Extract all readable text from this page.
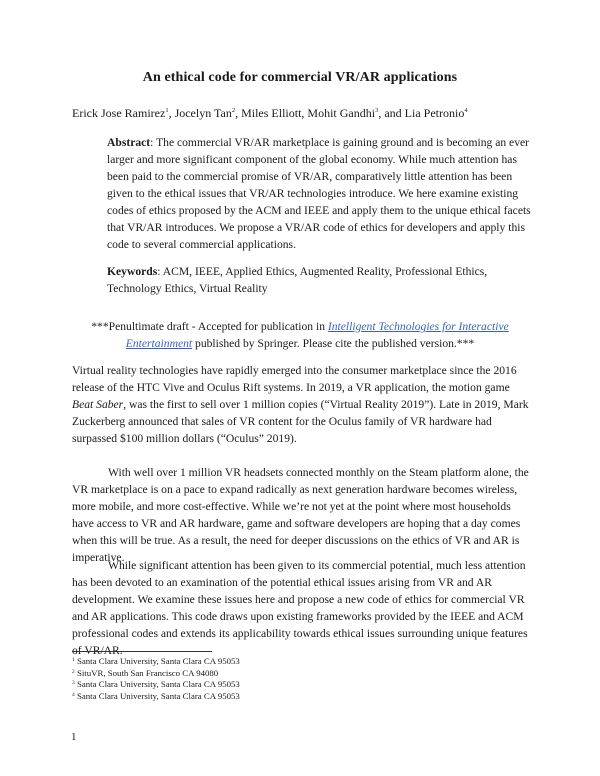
An ethical code for commercial VR/AR applications
Erick Jose Ramirez$^1$, Jocelyn Tan$^2$, Miles Elliott, Mohit Gandhi$^3$, and Lia Petronio$^4$
Abstract: The commercial VR/AR marketplace is gaining ground and is becoming an ever larger and more significant component of the global economy. While much attention has been paid to the commercial promise of VR/AR, comparatively little attention has been given to the ethical issues that VR/AR technologies introduce. We here examine existing codes of ethics proposed by the ACM and IEEE and apply them to the unique ethical facets that VR/AR introduces. We propose a VR/AR code of ethics for developers and apply this code to several commercial applications.
Keywords: ACM, IEEE, Applied Ethics, Augmented Reality, Professional Ethics, Technology Ethics, Virtual Reality
***Penultimate draft - Accepted for publication in Intelligent Technologies for Interactive Entertainment published by Springer. Please cite the published version.***
Virtual reality technologies have rapidly emerged into the consumer marketplace since the 2016 release of the HTC Vive and Oculus Rift systems. In 2019, a VR application, the motion game Beat Saber, was the first to sell over 1 million copies (“Virtual Reality 2019”). Late in 2019, Mark Zuckerberg announced that sales of VR content for the Oculus family of VR hardware had surpassed $100 million dollars (“Oculus” 2019).
With well over 1 million VR headsets connected monthly on the Steam platform alone, the VR marketplace is on a pace to expand radically as next generation hardware becomes wireless, more mobile, and more cost-effective. While we’re not yet at the point where most households have access to VR and AR hardware, game and software developers are hoping that a day comes when this will be true. As a result, the need for deeper discussions on the ethics of VR and AR is imperative.
While significant attention has been given to its commercial potential, much less attention has been devoted to an examination of the potential ethical issues arising from VR and AR development. We examine these issues here and propose a new code of ethics for commercial VR and AR applications. This code draws upon existing frameworks provided by the IEEE and ACM professional codes and extends its applicability towards ethical issues surrounding unique features of VR/AR.
$^1$ Santa Clara University, Santa Clara CA 95053
$^2$ SituVR, South San Francisco CA 94080
$^3$ Santa Clara University, Santa Clara CA 95053
$^4$ Santa Clara University, Santa Clara CA 95053
1
